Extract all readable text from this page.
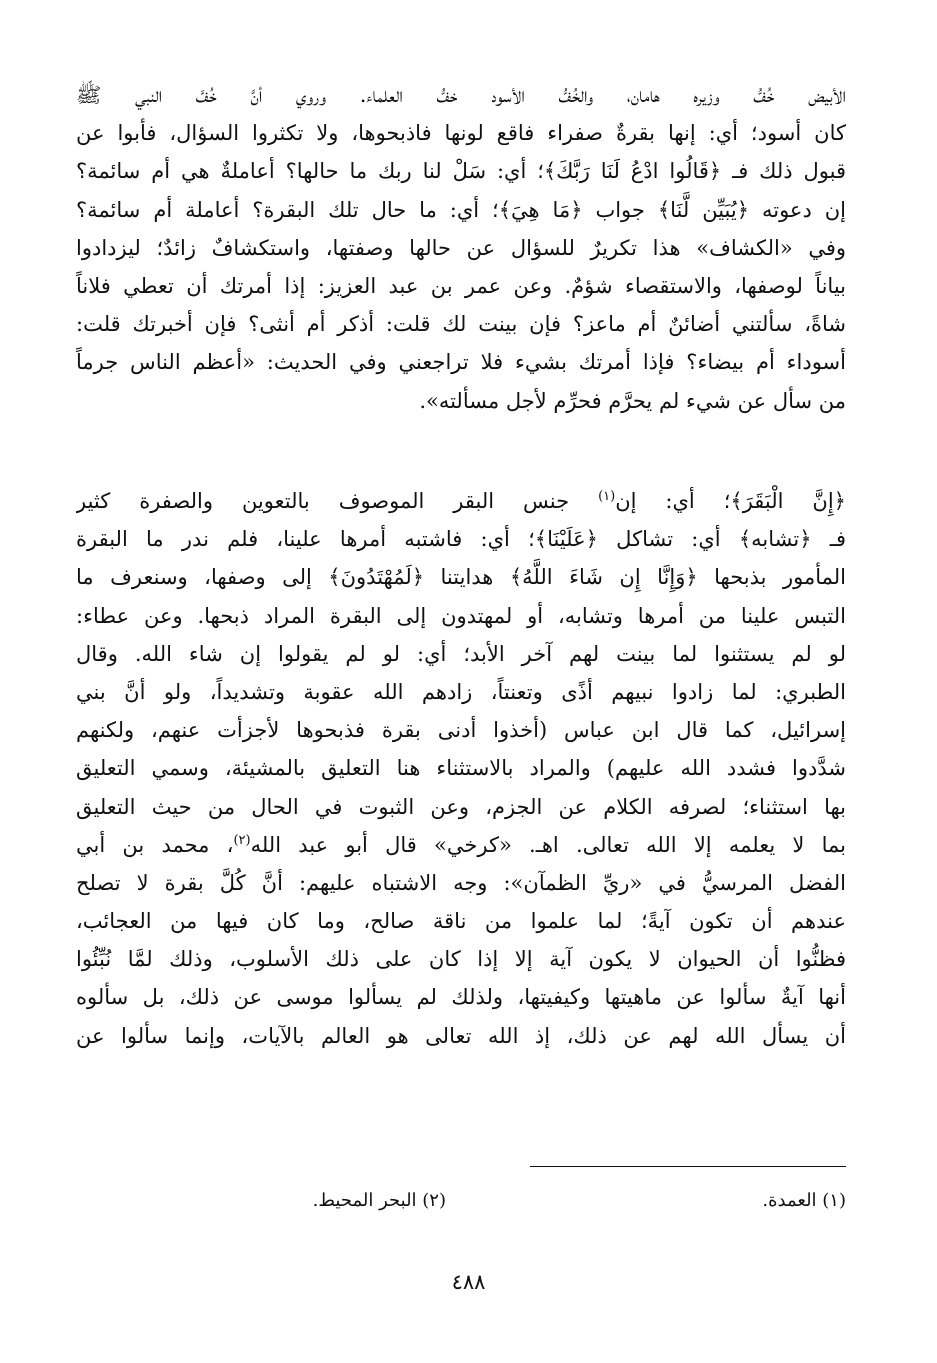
الأبيض خُفُّ وزيره هامان، والخُفُّ الأسود خفُّ العلماء. وروي أنَّ خُفَّ النبي ﷺ
كان أسود؛ أي: إنها بقرةٌ صفراء فاقع لونها فاذبحوها، ولا تكثروا السؤال، فأبوا عن
قبول ذلك فـ ﴿قَالُوا ادْعُ لَنَا رَبَّكَ﴾؛ أي: سَلْ لنا ربك ما حالها؟ أعاملةٌ هي أم سائمة؟
إن دعوته ﴿يُبَيِّن لَّنَا﴾ جواب ﴿مَا هِيَ﴾؛ أي: ما حال تلك البقرة؟ أعاملة أم سائمة؟
وفي «الكشاف» هذا تكريرٌ للسؤال عن حالها وصفتها، واستكشافٌ زائدٌ؛ ليزدادوا
بياناً لوصفها، والاستقصاء شؤمٌ. وعن عمر بن عبد العزيز: إذا أمرتك أن تعطي فلاناً
شاةً، سألتني أضائنٌ أم ماعز؟ فإن بينت لك قلت: أذكر أم أنثى؟ فإن أخبرتك قلت:
أسوداء أم بيضاء؟ فإذا أمرتك بشيء فلا تراجعني وفي الحديث: «أعظم الناس جرماً
من سأل عن شيء لم يحرَّم فحرِّم لأجل مسألته».
﴿إِنَّ الْبَقَرَ﴾؛ أي: إن$^{(١)}$ جنس البقر الموصوف بالتعوين والصفرة كثير
فـ ﴿تشابه﴾ أي: تشاكل ﴿عَلَيْنَا﴾؛ أي: فاشتبه أمرها علينا، فلم ندر ما البقرة
المأمور بذبحها ﴿وَإِنَّا إِن شَاءَ اللَّهُ﴾ هدايتنا ﴿لَمُهْتَدُونَ﴾ إلى وصفها، وسنعرف ما
التبس علينا من أمرها وتشابه، أو لمهتدون إلى البقرة المراد ذبحها. وعن عطاء:
لو لم يستثنوا لما بينت لهم آخر الأبد؛ أي: لو لم يقولوا إن شاء الله. وقال
الطبري: لما زادوا نبيهم أذًى وتعنتاً، زادهم الله عقوبة وتشديداً، ولو أنَّ بني
إسرائيل، كما قال ابن عباس (أخذوا أدنى بقرة فذبحوها لأجزأت عنهم، ولكنهم
شدَّدوا فشدد الله عليهم) والمراد بالاستثناء هنا التعليق بالمشيئة، وسمي التعليق
بها استثناء؛ لصرفه الكلام عن الجزم، وعن الثبوت في الحال من حيث التعليق
بما لا يعلمه إلا الله تعالى. اهـ. «كرخي» قال أبو عبد الله$^{(٢)}$، محمد بن أبي
الفضل المرسيُّ في «ريِّ الظمآن»: وجه الاشتباه عليهم: أنَّ كُلَّ بقرة لا تصلح
عندهم أن تكون آيةً؛ لما علموا من ناقة صالح، وما كان فيها من العجائب،
فظنُّوا أن الحيوان لا يكون آية إلا إذا كان على ذلك الأسلوب، وذلك لمَّا نُبِّئُوا
أنها آيةٌ سألوا عن ماهيتها وكيفيتها، ولذلك لم يسألوا موسى عن ذلك، بل سألوه
أن يسأل الله لهم عن ذلك، إذ الله تعالى هو العالم بالآيات، وإنما سألوا عن
(١) العمدة.
(٢) البحر المحيط.
٤٨٨
